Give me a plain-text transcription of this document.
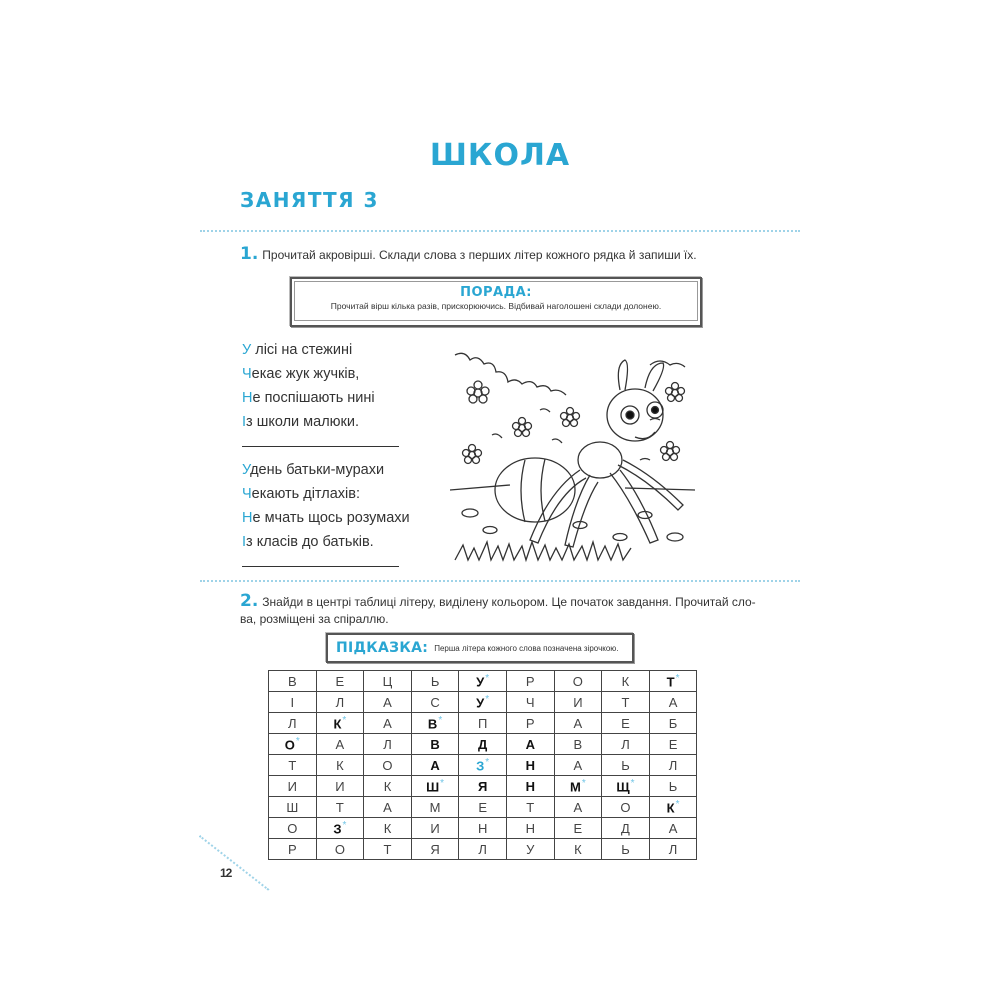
ШКОЛА
ЗАНЯТТЯ 3
1. Прочитай акровірші. Склади слова з перших літер кожного рядка й запиши їх.
ПОРАДА:
Прочитай вірш кілька разів, прискорюючись. Відбивай наголошені склади долонею.
У лісі на стежині
Чекає жук жучків,
Не поспішають нині
Із школи малюки.
Удень батьки-мурахи
Чекають дітлахів:
Не мчать щось розумахи
Із класів до батьків.
2. Знайди в центрі таблиці літеру, виділену кольором. Це початок завдання. Прочитай сло-
ва, розміщені за спіраллю.
ПІДКАЗКА: Перша літера кожного слова позначена зірочкою.
В	Е	Ц	Ь	У*	Р	О	К	Т*
І	Л	А	С	У*	Ч	И	Т	А
Л	К*	А	В*	П	Р	А	Е	Б
О*	А	Л	В	Д	А	В	Л	Е
Т	К	О	А	З*	Н	А	Ь	Л
И	И	К	Ш*	Я	Н	М*	Щ*	Ь
Ш	Т	А	М	Е	Т	А	О	К*
О	З*	К	И	Н	Н	Е	Д	А
Р	О	Т	Я	Л	У	К	Ь	Л
12
